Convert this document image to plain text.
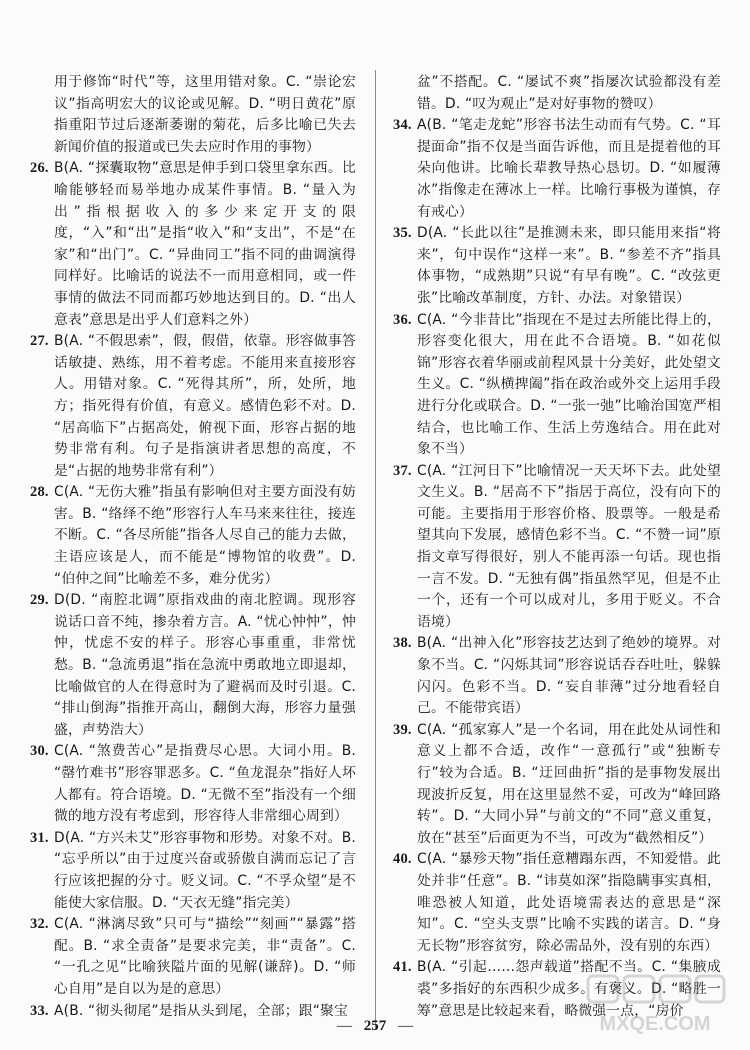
用于修饰“时代”等，这里用错对象。C. “崇论宏议”指高明宏大的议论或见解。D. “明日黄花”原指重阳节过后逐渐萎谢的菊花，后多比喻已失去新闻价值的报道或已失去应时作用的事物）

26. B(A. “探囊取物”意思是伸手到口袋里拿东西。比喻能够轻而易举地办成某件事情。B. “量入为出”指根据收入的多少来定开支的限度，“入”和“出”是指“收入”和“支出”，不是“在家”和“出门”。C. “异曲同工”指不同的曲调演得同样好。比喻话的说法不一而用意相同，或一件事情的做法不同而都巧妙地达到目的。D. “出人意表”意思是出乎人们意料之外）

27. B(A. “不假思索”，假，假借，依靠。形容做事答话敏捷、熟练，用不着考虑。不能用来直接形容人。用错对象。C. “死得其所”，所，处所，地方；指死得有价值，有意义。感情色彩不对。D. “居高临下”占据高处，俯视下面，形容占据的地势非常有利。句子是指演讲者思想的高度，不是“占据的地势非常有利”）

28. C(A. “无伤大雅”指虽有影响但对主要方面没有妨害。B. “络绎不绝”形容行人车马来来往往，接连不断。C. “各尽所能”指各人尽自己的能力去做，主语应该是人，而不能是“博物馆的收费”。D. “伯仲之间”比喻差不多，难分优劣）

29. D(D. “南腔北调”原指戏曲的南北腔调。现形容说话口音不纯，掺杂着方言。A. “忧心忡忡”，忡忡，忧虑不安的样子。形容心事重重，非常忧愁。B. “急流勇退”指在急流中勇敢地立即退却，比喻做官的人在得意时为了避祸而及时引退。C. “排山倒海”指推开高山，翻倒大海，形容力量强盛，声势浩大）

30. C(A. “煞费苦心”是指费尽心思。大词小用。B. “罄竹难书”形容罪恶多。C. “鱼龙混杂”指好人坏人都有。符合语境。D. “无微不至”指没有一个细微的地方没有考虑到，形容待人非常细心周到）

31. D(A. “方兴未艾”形容事物和形势。对象不对。B. “忘乎所以”由于过度兴奋或骄傲自满而忘记了言行应该把握的分寸。贬义词。C. “不孚众望”是不能使大家信服。D. “天衣无缝”指完美）

32. C(A. “淋漓尽致”只可与“描绘”“刻画”“暴露”搭配。B. “求全责备”是要求完美，非“责备”。C. “一孔之见”比喻狭隘片面的见解(谦辞)。D. “师心自用”是自以为是的意思）

33. A(B. “彻头彻尾”是指从头到尾，全部；跟“聚宝

盆”不搭配。C. “屡试不爽”指屡次试验都没有差错。D. “叹为观止”是对好事物的赞叹）

34. A(B. “笔走龙蛇”形容书法生动而有气势。C. “耳提面命”指不仅是当面告诉他，而且是提着他的耳朵向他讲。比喻长辈教导热心恳切。D. “如履薄冰”指像走在薄冰上一样。比喻行事极为谨慎，存有戒心）

35. D(A. “长此以往”是推测未来，即只能用来指“将来”，句中误作“这样一来”。B. “参差不齐”指具体事物，“成熟期”只说“有早有晚”。C. “改弦更张”比喻改革制度，方针、办法。对象错误）

36. C(A. “今非昔比”指现在不是过去所能比得上的，形容变化很大，用在此不合语境。B. “如花似锦”形容衣着华丽或前程风景十分美好，此处望文生义。C. “纵横捭阖”指在政治或外交上运用手段进行分化或联合。D. “一张一弛”比喻治国宽严相结合，也比喻工作、生活上劳逸结合。用在此对象不当）

37. C(A. “江河日下”比喻情况一天天坏下去。此处望文生义。B. “居高不下”指居于高位，没有向下的可能。主要指用于形容价格、股票等。一般是希望其向下发展，感情色彩不当。C. “不赞一词”原指文章写得很好，别人不能再添一句话。现也指一言不发。D. “无独有偶”指虽然罕见，但是不止一个，还有一个可以成对儿，多用于贬义。不合语境）

38. B(A. “出神入化”形容技艺达到了绝妙的境界。对象不当。C. “闪烁其词”形容说话吞吞吐吐，躲躲闪闪。色彩不当。D. “妄自菲薄”过分地看轻自己。不能带宾语）

39. C(A. “孤家寡人”是一个名词，用在此处从词性和意义上都不合适，改作“一意孤行”或“独断专行”较为合适。B. “迂回曲折”指的是事物发展出现波折反复，用在这里显然不妥，可改为“峰回路转”。D. “大同小异”与前文的“不同”意义重复，放在“甚至”后面更为不当，可改为“截然相反”）

40. C(A. “暴殄天物”指任意糟蹋东西，不知爱惜。此处并非“任意”。B. “讳莫如深”指隐瞒事实真相，唯恐被人知道，此处语境需表达的意思是“深知”。C. “空头支票”比喻不实践的诺言。D. “身无长物”形容贫穷，除必需品外，没有别的东西）

41. B(A. “引起……怨声载道”搭配不当。C. “集腋成裘”多指好的东西积少成多。有褒义。D. “略胜一筹”意思是比较起来看，略微强一点，“房价

— 257 —	MXQE.COM
